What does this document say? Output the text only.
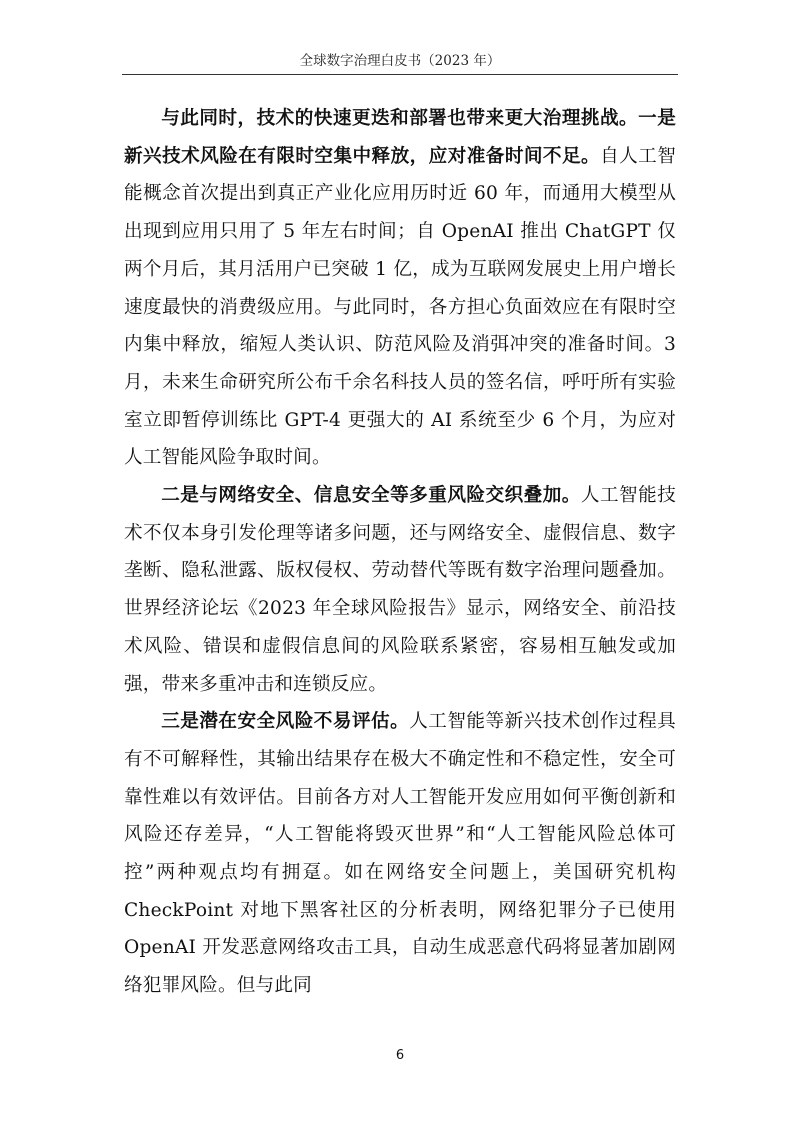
全球数字治理白皮书（2023 年）

与此同时，技术的快速更迭和部署也带来更大治理挑战。一是新兴技术风险在有限时空集中释放，应对准备时间不足。自人工智能概念首次提出到真正产业化应用历时近 60 年，而通用大模型从出现到应用只用了 5 年左右时间；自 OpenAI 推出 ChatGPT 仅两个月后，其月活用户已突破 1 亿，成为互联网发展史上用户增长速度最快的消费级应用。与此同时，各方担心负面效应在有限时空内集中释放，缩短人类认识、防范风险及消弭冲突的准备时间。3 月，未来生命研究所公布千余名科技人员的签名信，呼吁所有实验室立即暂停训练比 GPT-4 更强大的 AI 系统至少 6 个月，为应对人工智能风险争取时间。

二是与网络安全、信息安全等多重风险交织叠加。人工智能技术不仅本身引发伦理等诸多问题，还与网络安全、虚假信息、数字垄断、隐私泄露、版权侵权、劳动替代等既有数字治理问题叠加。世界经济论坛《2023 年全球风险报告》显示，网络安全、前沿技术风险、错误和虚假信息间的风险联系紧密，容易相互触发或加强，带来多重冲击和连锁反应。

三是潜在安全风险不易评估。人工智能等新兴技术创作过程具有不可解释性，其输出结果存在极大不确定性和不稳定性，安全可靠性难以有效评估。目前各方对人工智能开发应用如何平衡创新和风险还存差异，“人工智能将毁灭世界”和“人工智能风险总体可控”两种观点均有拥趸。如在网络安全问题上，美国研究机构 CheckPoint 对地下黑客社区的分析表明，网络犯罪分子已使用 OpenAI 开发恶意网络攻击工具，自动生成恶意代码将显著加剧网络犯罪风险。但与此同

6
